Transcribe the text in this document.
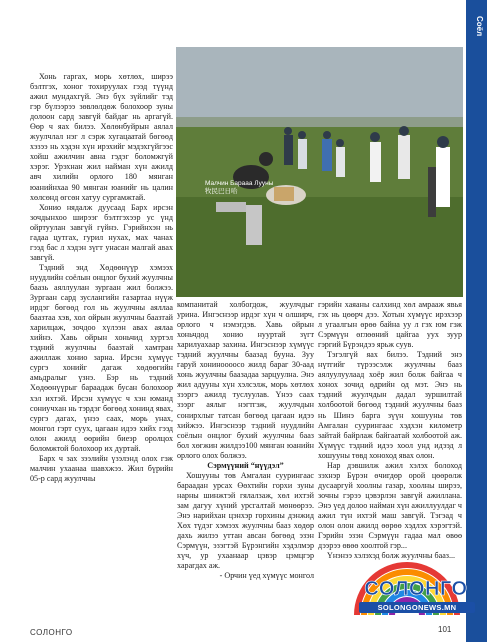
Соёл

Хонь гаргах, морь хөтлөх, ширээ бэлтгэх, хоног тохируулах гээд түүнд ажил мундахгүй. Энэ бүх зүйлийг тэд гэр бүлээрээ зөвлөлдөж болохоор зуны долоон сард завгүй байдаг нь аргагүй. Өөр ч яах билээ. Хөлөнбуйрын аялал жуулчлал нэг л сэрж хугацаатай бөгөөд хэзээ нь хэдэн хүн ирэхийг мэдэхгүйгээс хойш ажилчин авна гэдэг боломжгүй хэрэг. Урэхнан жил найман хүн ажилд авч хилийн орлого 180 мянган юанийнхаа 90 мянган юанийг нь цалин хөлсөнд өгсөн хатуу сургамжтай.

Хонио нядалж дуусаад Барх ирсэн зочдынхоо ширээг бэлтгэхээр ус үнд ойртуулан завгүй гүйнэ. Гэрийнхэн нь гадаа цутгах, гурил нухах, мах чанах гээд бас л хэдэн зүгт унасан малгай авах завгүй.

Тэдний энд Хөдөөнүүр хэмээх нуудлийн соёлын онцлог бухий жуулчны баазь аяллуулан зургаан жил болжээ. Зургаан сард зуслангийн газартаа нүүж ирдэг бөгөөд гол нь жуулчны аяллаа баазтаа хэв, хол ойрын жуулчны баазтай харилцаж, зочдоо хүлээн авах аялаа хийнэ. Хавь ойрын хоньчид хуртэл тэдний жуулчны баазтай хамтран ажиллаж хонио зарна. Ирсэн хүмүүс сургэ хонийг дагаж хөдөөгийн амьдралыг үзнэ. Бэр нь тэдний Хөдөөнүүрыг бараадаж бусан болохоор хэл ихтэй. Ирсэн хүмүүс ч хэн юманд сониучхан нь тэрдэг бөгөөд хонинд явах, сургэ дагах, үнээ саах, морь унах, монгол гэрт суух, цагаан идээ хийх гээд олон ажилд өөрийн биеэр оролцох боломжтой болохоор их дуртай.

Барх ч зах зээлийн үзэлэнд олох гэж малчин ухаанаа шавхжээ. Жил бүрийн 05-р сард жуулчны

Малчин Барааа Лууны
牧民巴日哈

компанитай холбогдож, жуулчдыг урина. Ингэснээр ирдэг хүн ч олширч, орлого ч нэмэгдэв. Хавь ойрын хоньчдод хонио нууртай зүгт харилуахаар захина. Ингэснээр хүмүүс тэдний жуулчны баазад бууна. Зуу гаруй хониноооосо жилд бараг 30-аад хонь жуулчны баазадаа зарцуулна. Энэ жил адууны хүн хэлсэлж, морь хөтлөх зээргэ ажилд туслуулав. Үнээ саах зээрг аялыг нэгтгэж, жуулчдын сонирхлыг татсан бөгөөд цагаан идээ хийжээ. Ингэснээр тэдний нуудлийн соёлын онцлог бухий жуулчны бааз бол хөгжин жилдээ100 мянган юанийн орлого олох болжээ.

Сэрмүүний “нүүдэл”

Хошууны төв Амгалан суурингаас бараадан урсах Өөхтийн горхи зуны нарны шинжтэй гялалзаж, хөл ихтэй зам дагуу хүний урсгалтай мөнөөрээ. Энэ нарийхан цэнхэр горхины дэнжид Хөх түдэг хэмээх жуулчны бааз хөдөр дахь жилээ уттан авсан бөгөөд эзэн Сэрмүүн, эзэгтэй Бүрэнгийн хэдэлмэр хүч, ур ухаанаар цэвэр цэмцгэр харагдах аж.

- Орчин үед хүмүүс монгол

гэрийн хаяаны салхинд хөл амрааж явья гэх нь цөөрч дээ. Хотын хүмүүс ирэхээр л угаалгын өрөө байна уу л гэх юм гэж Сэрмүүн өглөөний цайгаа уух зуур гэргий Бүрэндээ ярьж суув.

Тэгэлгүй яах билээ. Тэдний энэ нүтгийг түрээсэлж жуулчны бааз аялуулуулаад хоёр жил болж байгаа ч хонох зочид өдрийн од мэт. Энэ нь тэдний жуулчдын дадал зуршилтай холбоотой бөгөөд тэдний жуулчны бааз нь Шинэ барга зүүн хошууны төв Амгалан суурингаас хэдхэн километр зайтай байрлаж байгаатай холбоотой аж. Хүмүүс тэдний идээ хоол унд идээд л хошууны төвд хоноход явах олон.

Нар дэвшилж ажил хэлэх болоход зэхнэр Бүрэн өчигдөр орой цөөрөлж дусааргуй хоолны газар, хоолны ширээ, зочны гэрээ цэвэрлэн завгүй ажиллана. Энэ үед долоо найман хүн ажиллуулдаг ч ажил түн ихтэй маш завгүй. Тэгэад ч олон олон ажилд өөрөө хэдлэх хэрэгтэй. Гэрийн эзэн Сэрмүүн гадаа мал өвөө дээрээ өвөө хоолтой гэр...

Үнэнээ хэлэхэд болж жуулчны бааз...

СОЛОНГО	101
СОЛОНГО
SOLONGONEWS.MN
